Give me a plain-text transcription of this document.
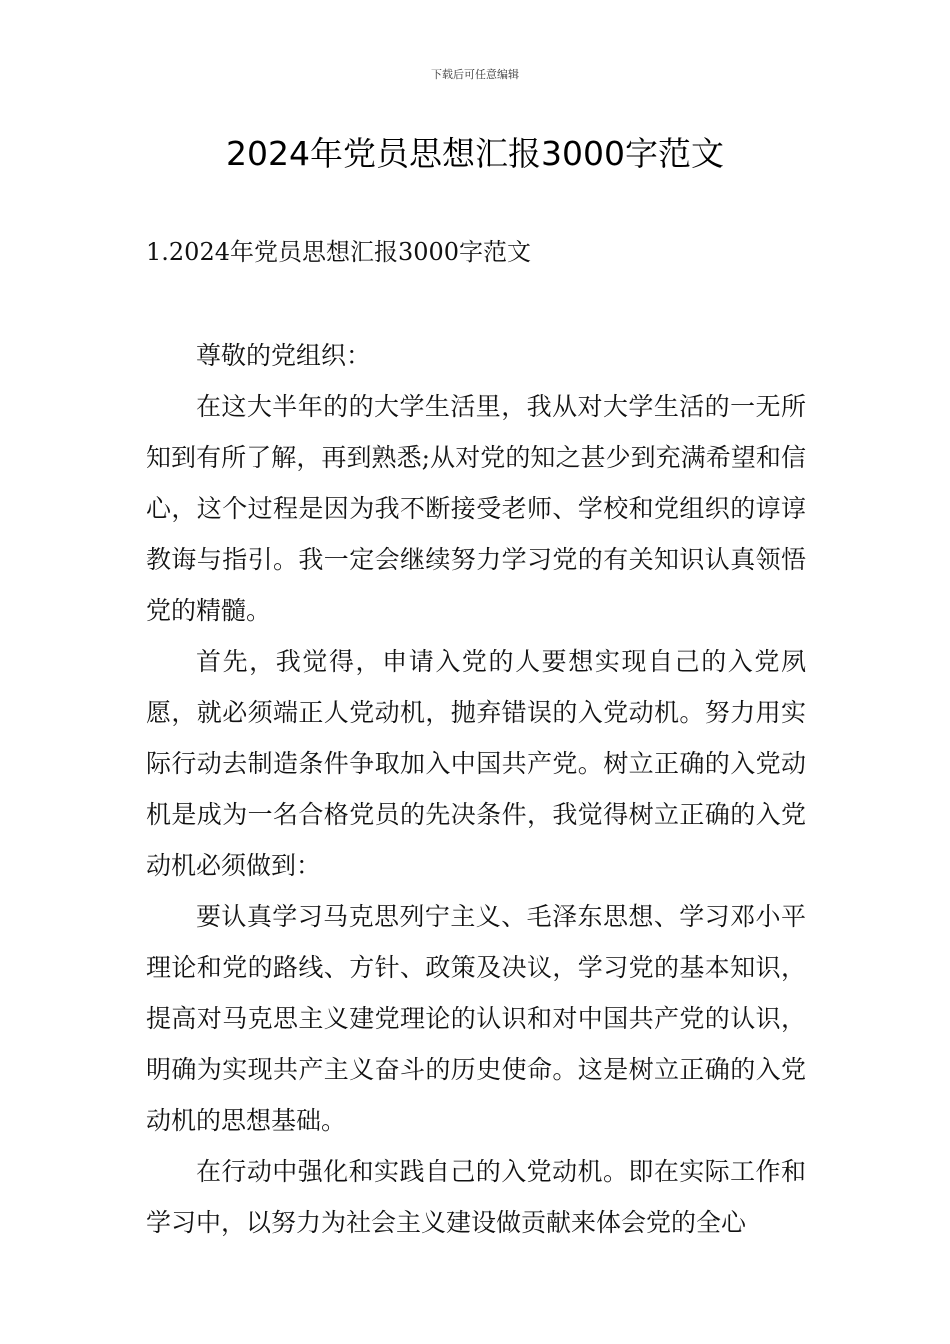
下载后可任意编辑
2024年党员思想汇报3000字范文
1.2024年党员思想汇报3000字范文

尊敬的党组织：

在这大半年的的大学生活里，我从对大学生活的一无所知到有所了解，再到熟悉;从对党的知之甚少到充满希望和信心，这个过程是因为我不断接受老师、学校和党组织的谆谆教诲与指引。我一定会继续努力学习党的有关知识认真领悟党的精髓。

首先，我觉得，申请入党的人要想实现自己的入党夙愿，就必须端正人党动机，抛弃错误的入党动机。努力用实际行动去制造条件争取加入中国共产党。树立正确的入党动机是成为一名合格党员的先决条件，我觉得树立正确的入党动机必须做到：

要认真学习马克思列宁主义、毛泽东思想、学习邓小平理论和党的路线、方针、政策及决议，学习党的基本知识，提高对马克思主义建党理论的认识和对中国共产党的认识，明确为实现共产主义奋斗的历史使命。这是树立正确的入党动机的思想基础。

在行动中强化和实践自己的入党动机。即在实际工作和学习中，以努力为社会主义建设做贡献来体会党的全心
